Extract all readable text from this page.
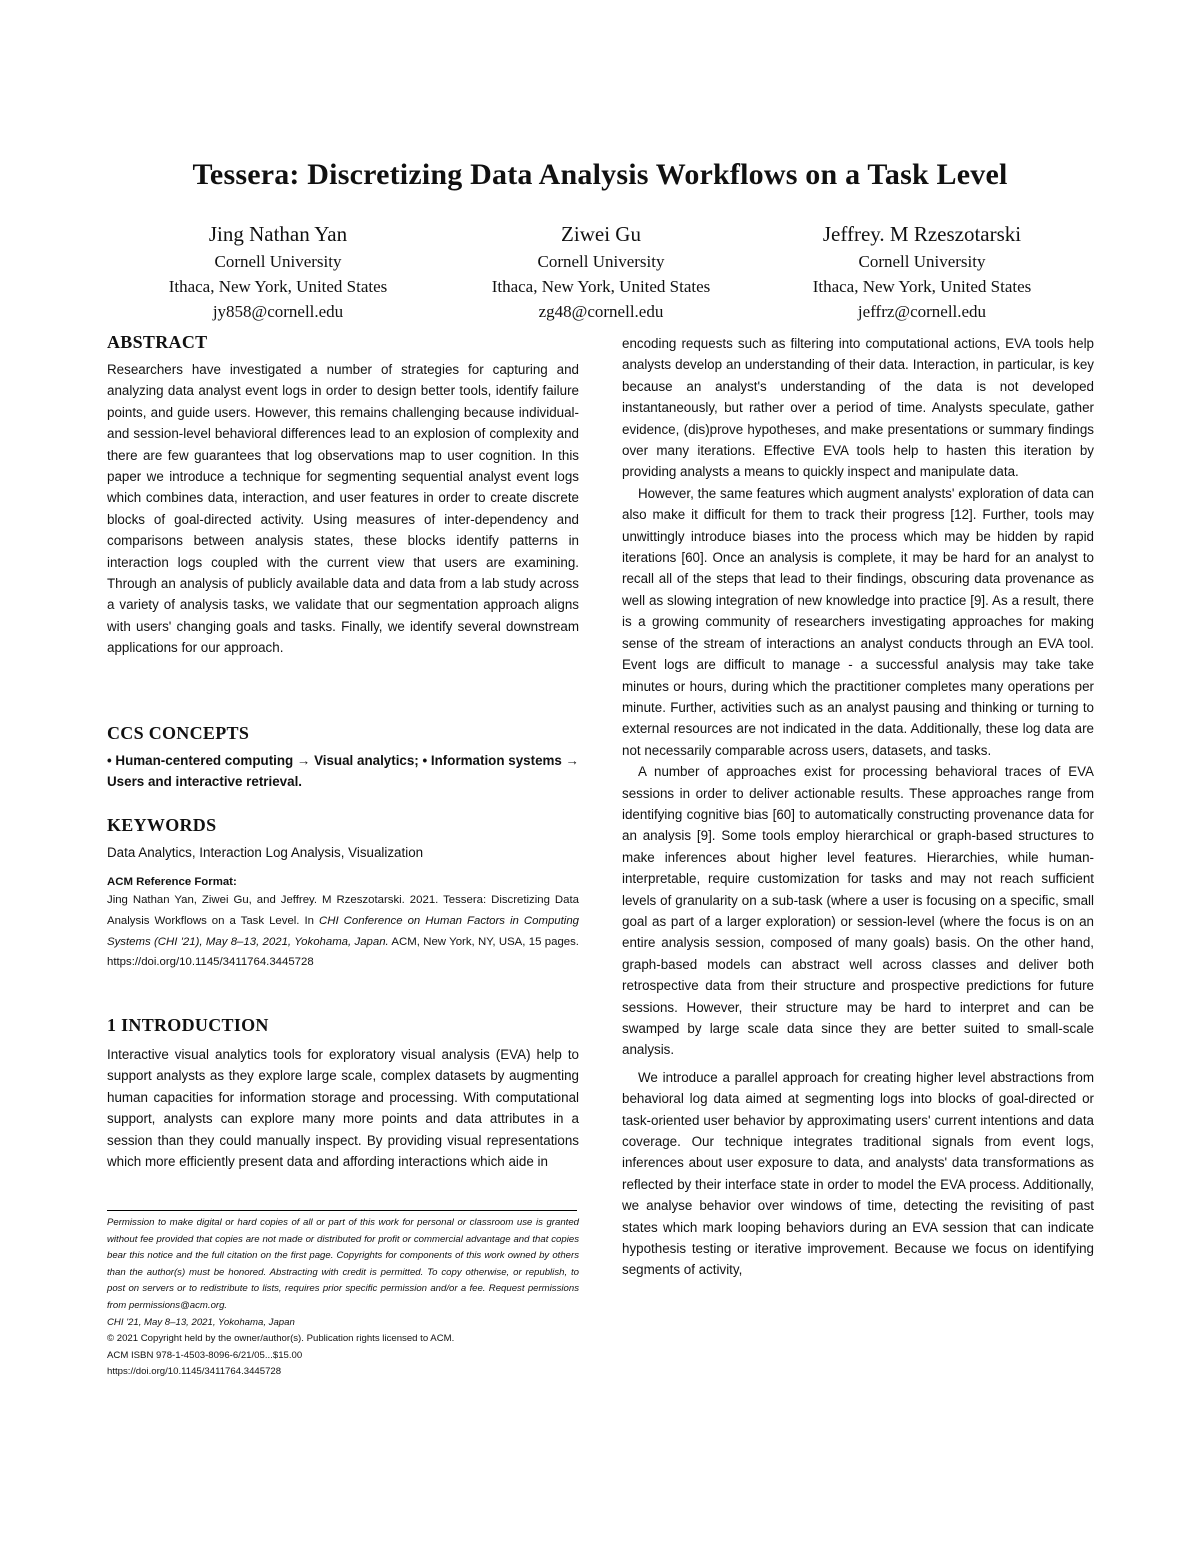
Tessera: Discretizing Data Analysis Workflows on a Task Level
Jing Nathan Yan
Cornell University
Ithaca, New York, United States
jy858@cornell.edu
Ziwei Gu
Cornell University
Ithaca, New York, United States
zg48@cornell.edu
Jeffrey. M Rzeszotarski
Cornell University
Ithaca, New York, United States
jeffrz@cornell.edu
ABSTRACT

Researchers have investigated a number of strategies for capturing and analyzing data analyst event logs in order to design better tools, identify failure points, and guide users. However, this remains challenging because individual- and session-level behavioral differences lead to an explosion of complexity and there are few guarantees that log observations map to user cognition. In this paper we introduce a technique for segmenting sequential analyst event logs which combines data, interaction, and user features in order to create discrete blocks of goal-directed activity. Using measures of inter-dependency and comparisons between analysis states, these blocks identify patterns in interaction logs coupled with the current view that users are examining. Through an analysis of publicly available data and data from a lab study across a variety of analysis tasks, we validate that our segmentation approach aligns with users' changing goals and tasks. Finally, we identify several downstream applications for our approach.

CCS CONCEPTS

• Human-centered computing → Visual analytics; • Information systems → Users and interactive retrieval.

KEYWORDS

Data Analytics, Interaction Log Analysis, Visualization

ACM Reference Format:

Jing Nathan Yan, Ziwei Gu, and Jeffrey. M Rzeszotarski. 2021. Tessera: Discretizing Data Analysis Workflows on a Task Level. In CHI Conference on Human Factors in Computing Systems (CHI '21), May 8–13, 2021, Yokohama, Japan. ACM, New York, NY, USA, 15 pages. https://doi.org/10.1145/3411764.3445728

1 INTRODUCTION

Interactive visual analytics tools for exploratory visual analysis (EVA) help to support analysts as they explore large scale, complex datasets by augmenting human capacities for information storage and processing. With computational support, analysts can explore many more points and data attributes in a session than they could manually inspect. By providing visual representations which more efficiently present data and affording interactions which aide in

Permission to make digital or hard copies of all or part of this work for personal or classroom use is granted without fee provided that copies are not made or distributed for profit or commercial advantage and that copies bear this notice and the full citation on the first page. Copyrights for components of this work owned by others than the author(s) must be honored. Abstracting with credit is permitted. To copy otherwise, or republish, to post on servers or to redistribute to lists, requires prior specific permission and/or a fee. Request permissions from permissions@acm.org.

CHI '21, May 8–13, 2021, Yokohama, Japan

© 2021 Copyright held by the owner/author(s). Publication rights licensed to ACM.

ACM ISBN 978-1-4503-8096-6/21/05...$15.00

https://doi.org/10.1145/3411764.3445728

encoding requests such as filtering into computational actions, EVA tools help analysts develop an understanding of their data. Interaction, in particular, is key because an analyst's understanding of the data is not developed instantaneously, but rather over a period of time. Analysts speculate, gather evidence, (dis)prove hypotheses, and make presentations or summary findings over many iterations. Effective EVA tools help to hasten this iteration by providing analysts a means to quickly inspect and manipulate data.

However, the same features which augment analysts' exploration of data can also make it difficult for them to track their progress [12]. Further, tools may unwittingly introduce biases into the process which may be hidden by rapid iterations [60]. Once an analysis is complete, it may be hard for an analyst to recall all of the steps that lead to their findings, obscuring data provenance as well as slowing integration of new knowledge into practice [9]. As a result, there is a growing community of researchers investigating approaches for making sense of the stream of interactions an analyst conducts through an EVA tool. Event logs are difficult to manage - a successful analysis may take take minutes or hours, during which the practitioner completes many operations per minute. Further, activities such as an analyst pausing and thinking or turning to external resources are not indicated in the data. Additionally, these log data are not necessarily comparable across users, datasets, and tasks.

A number of approaches exist for processing behavioral traces of EVA sessions in order to deliver actionable results. These approaches range from identifying cognitive bias [60] to automatically constructing provenance data for an analysis [9]. Some tools employ hierarchical or graph-based structures to make inferences about higher level features. Hierarchies, while human-interpretable, require customization for tasks and may not reach sufficient levels of granularity on a sub-task (where a user is focusing on a specific, small goal as part of a larger exploration) or session-level (where the focus is on an entire analysis session, composed of many goals) basis. On the other hand, graph-based models can abstract well across classes and deliver both retrospective data from their structure and prospective predictions for future sessions. However, their structure may be hard to interpret and can be swamped by large scale data since they are better suited to small-scale analysis.

We introduce a parallel approach for creating higher level abstractions from behavioral log data aimed at segmenting logs into blocks of goal-directed or task-oriented user behavior by approximating users' current intentions and data coverage. Our technique integrates traditional signals from event logs, inferences about user exposure to data, and analysts' data transformations as reflected by their interface state in order to model the EVA process. Additionally, we analyse behavior over windows of time, detecting the revisiting of past states which mark looping behaviors during an EVA session that can indicate hypothesis testing or iterative improvement. Because we focus on identifying segments of activity,
